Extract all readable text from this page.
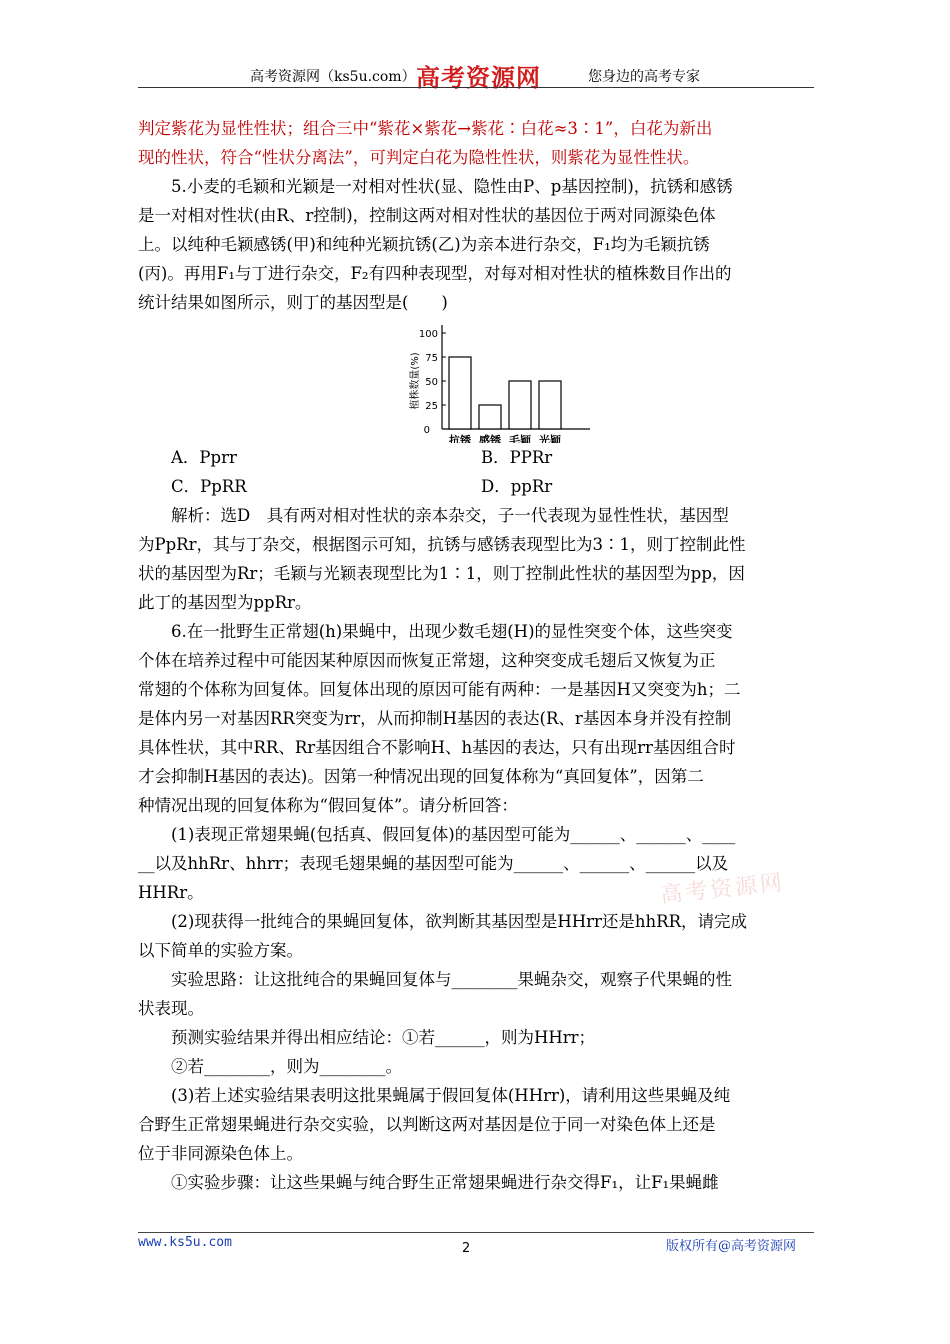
高考资源网（ks5u.com） 高考资源网	您身边的高考专家

判定紫花为显性性状；组合三中“紫花×紫花→紫花∶白花≈3∶1”，白花为新出

现的性状，符合“性状分离法”，可判定白花为隐性性状，则紫花为显性性状。

5.小麦的毛颖和光颖是一对相对性状(显、隐性由P、p基因控制)，抗锈和感锈

是一对相对性状(由R、r控制)，控制这两对相对性状的基因位于两对同源染色体

上。以纯种毛颖感锈(甲)和纯种光颖抗锈(乙)为亲本进行杂交，F₁均为毛颖抗锈

(丙)。再用F₁与丁进行杂交，F₂有四种表现型，对每对相对性状的植株数目作出的

统计结果如图所示，则丁的基因型是(　　)

0
25
50
75
100
植株数量(%)
抗锈 感锈 毛颖 光颖
A．Pprr	B．PPRr
C．PpRR	D．ppRr

解析：选D　具有两对相对性状的亲本杂交，子一代表现为显性性状，基因型

为PpRr，其与丁杂交，根据图示可知，抗锈与感锈表现型比为3∶1，则丁控制此性

状的基因型为Rr；毛颖与光颖表现型比为1∶1，则丁控制此性状的基因型为pp，因

此丁的基因型为ppRr。

6.在一批野生正常翅(h)果蝇中，出现少数毛翅(H)的显性突变个体，这些突变

个体在培养过程中可能因某种原因而恢复正常翅，这种突变成毛翅后又恢复为正

常翅的个体称为回复体。回复体出现的原因可能有两种：一是基因H又突变为h；二

是体内另一对基因RR突变为rr，从而抑制H基因的表达(R、r基因本身并没有控制

具体性状，其中RR、Rr基因组合不影响H、h基因的表达，只有出现rr基因组合时

才会抑制H基因的表达)。因第一种情况出现的回复体称为“真回复体”，因第二

种情况出现的回复体称为“假回复体”。请分析回答：

(1)表现正常翅果蝇(包括真、假回复体)的基因型可能为______、______、____

__以及hhRr、hhrr；表现毛翅果蝇的基因型可能为______、______、______以及

HHRr。

(2)现获得一批纯合的果蝇回复体，欲判断其基因型是HHrr还是hhRR，请完成

以下简单的实验方案。

实验思路：让这批纯合的果蝇回复体与________果蝇杂交，观察子代果蝇的性

状表现。

预测实验结果并得出相应结论：①若______，则为HHrr；

②若________，则为________。

(3)若上述实验结果表明这批果蝇属于假回复体(HHrr)，请利用这些果蝇及纯

合野生正常翅果蝇进行杂交实验，以判断这两对基因是位于同一对染色体上还是

位于非同源染色体上。

①实验步骤：让这些果蝇与纯合野生正常翅果蝇进行杂交得F₁，让F₁果蝇雌

高考资源网
www.ks5u.com	2	版权所有@高考资源网
